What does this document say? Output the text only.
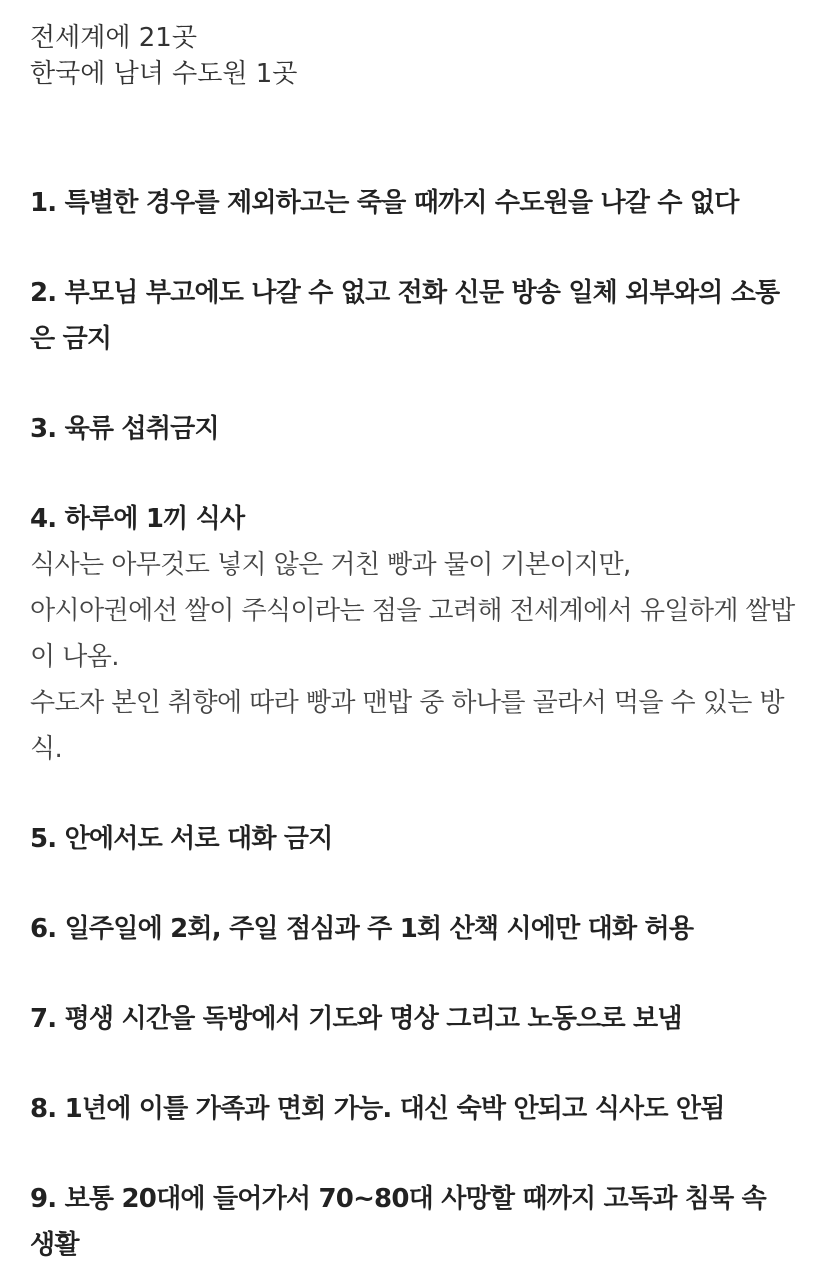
전세계에 21곳

한국에 남녀 수도원 1곳

1. 특별한 경우를 제외하고는 죽을 때까지 수도원을 나갈 수 없다

2. 부모님 부고에도 나갈 수 없고 전화 신문 방송 일체 외부와의 소통은 금지

3. 육류 섭취금지

4. 하루에 1끼 식사

식사는 아무것도 넣지 않은 거친 빵과 물이 기본이지만,

아시아권에선 쌀이 주식이라는 점을 고려해 전세계에서 유일하게 쌀밥이 나옴.

수도자 본인 취향에 따라 빵과 맨밥 중 하나를 골라서 먹을 수 있는 방식.

5. 안에서도 서로 대화 금지

6. 일주일에 2회, 주일 점심과 주 1회 산책 시에만 대화 허용

7. 평생 시간을 독방에서 기도와 명상 그리고 노동으로 보냄

8. 1년에 이틀 가족과 면회 가능. 대신 숙박 안되고 식사도 안됨

9. 보통 20대에 들어가서 70~80대 사망할 때까지 고독과 침묵 속 생활
